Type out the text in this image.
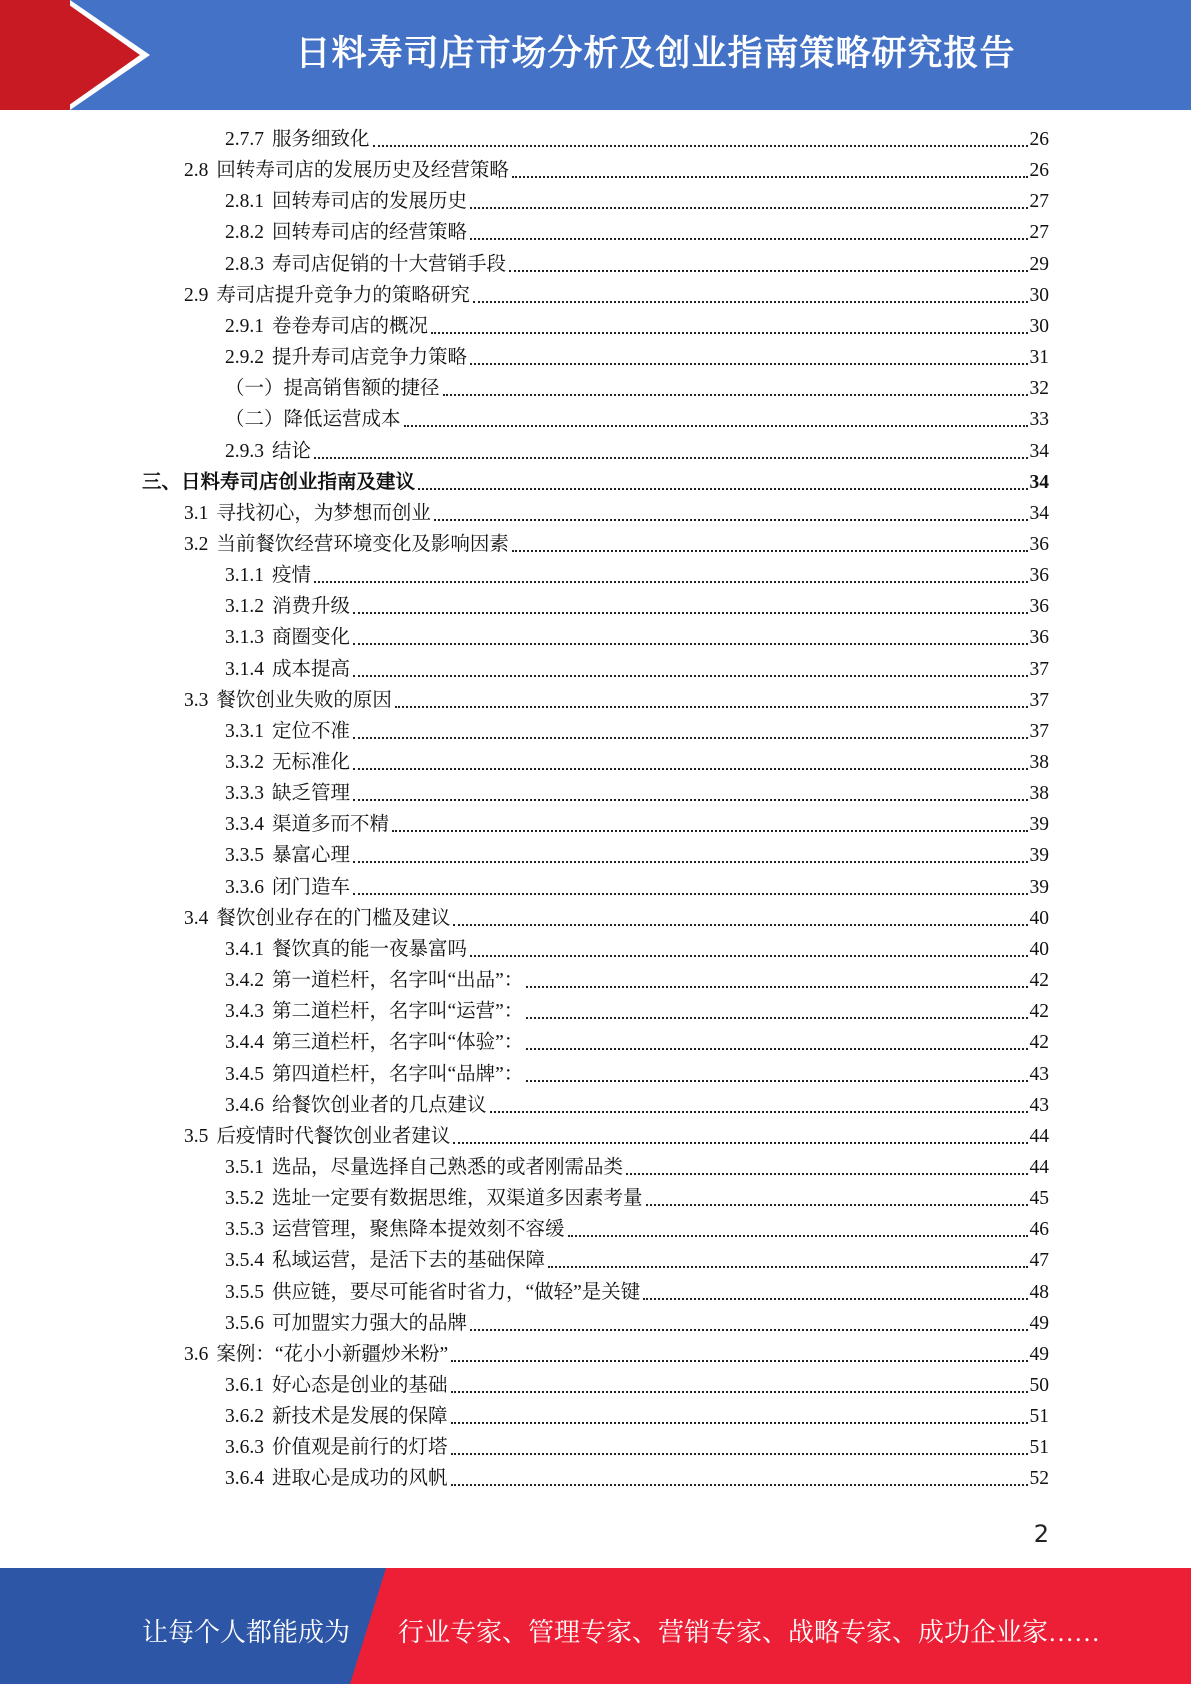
日料寿司店市场分析及创业指南策略研究报告
2.7.7 服务细致化	26
2.8 回转寿司店的发展历史及经营策略	26
2.8.1 回转寿司店的发展历史	27
2.8.2 回转寿司店的经营策略	27
2.8.3 寿司店促销的十大营销手段	29
2.9 寿司店提升竞争力的策略研究	30
2.9.1 卷卷寿司店的概况	30
2.9.2 提升寿司店竞争力策略	31
（一）提高销售额的捷径	32
（二）降低运营成本	33
2.9.3 结论	34
三、日料寿司店创业指南及建议	34
3.1 寻找初心，为梦想而创业	34
3.2 当前餐饮经营环境变化及影响因素	36
3.1.1 疫情	36
3.1.2 消费升级	36
3.1.3 商圈变化	36
3.1.4 成本提高	37
3.3 餐饮创业失败的原因	37
3.3.1 定位不准	37
3.3.2 无标准化	38
3.3.3 缺乏管理	38
3.3.4 渠道多而不精	39
3.3.5 暴富心理	39
3.3.6 闭门造车	39
3.4 餐饮创业存在的门槛及建议	40
3.4.1 餐饮真的能一夜暴富吗	40
3.4.2 第一道栏杆，名字叫“出品”：	42
3.4.3 第二道栏杆，名字叫“运营”：	42
3.4.4 第三道栏杆，名字叫“体验”：	42
3.4.5 第四道栏杆，名字叫“品牌”：	43
3.4.6 给餐饮创业者的几点建议	43
3.5 后疫情时代餐饮创业者建议	44
3.5.1 选品，尽量选择自己熟悉的或者刚需品类	44
3.5.2 选址一定要有数据思维，双渠道多因素考量	45
3.5.3 运营管理，聚焦降本提效刻不容缓	46
3.5.4 私域运营，是活下去的基础保障	47
3.5.5 供应链，要尽可能省时省力，“做轻”是关键	48
3.5.6 可加盟实力强大的品牌	49
3.6 案例：“花小小新疆炒米粉”	49
3.6.1 好心态是创业的基础	50
3.6.2 新技术是发展的保障	51
3.6.3 价值观是前行的灯塔	51
3.6.4 进取心是成功的风帆	52
2
让每个人都能成为 行业专家、管理专家、营销专家、战略专家、成功企业家……
